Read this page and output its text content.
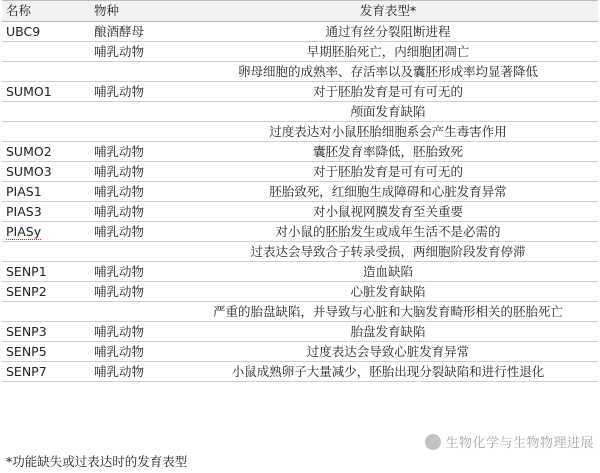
名称	物种	发育表型*
UBC9	酿酒酵母	通过有丝分裂阻断进程
	哺乳动物	早期胚胎死亡，内细胞团凋亡
		卵母细胞的成熟率、存活率以及囊胚形成率均显著降低
SUMO1	哺乳动物	对于胚胎发育是可有可无的
		颅面发育缺陷
		过度表达对小鼠胚胎细胞系会产生毒害作用
SUMO2	哺乳动物	囊胚发育率降低，胚胎致死
SUMO3	哺乳动物	对于胚胎发育是可有可无的
PIAS1	哺乳动物	胚胎致死，红细胞生成障碍和心脏发育异常
PIAS3	哺乳动物	对小鼠视网膜发育至关重要
PIASy	哺乳动物	对小鼠的胚胎发生或成年生活不是必需的
		过表达会导致合子转录受损，两细胞阶段发育停滞
SENP1	哺乳动物	造血缺陷
SENP2	哺乳动物	心脏发育缺陷
		严重的胎盘缺陷，并导致与心脏和大脑发育畸形相关的胚胎死亡
SENP3	哺乳动物	胎盘发育缺陷
SENP5	哺乳动物	过度表达会导致心脏发育异常
SENP7	哺乳动物	小鼠成熟卵子大量减少，胚胎出现分裂缺陷和进行性退化
*功能缺失或过表达时的发育表型
生物化学与生物物理进展
